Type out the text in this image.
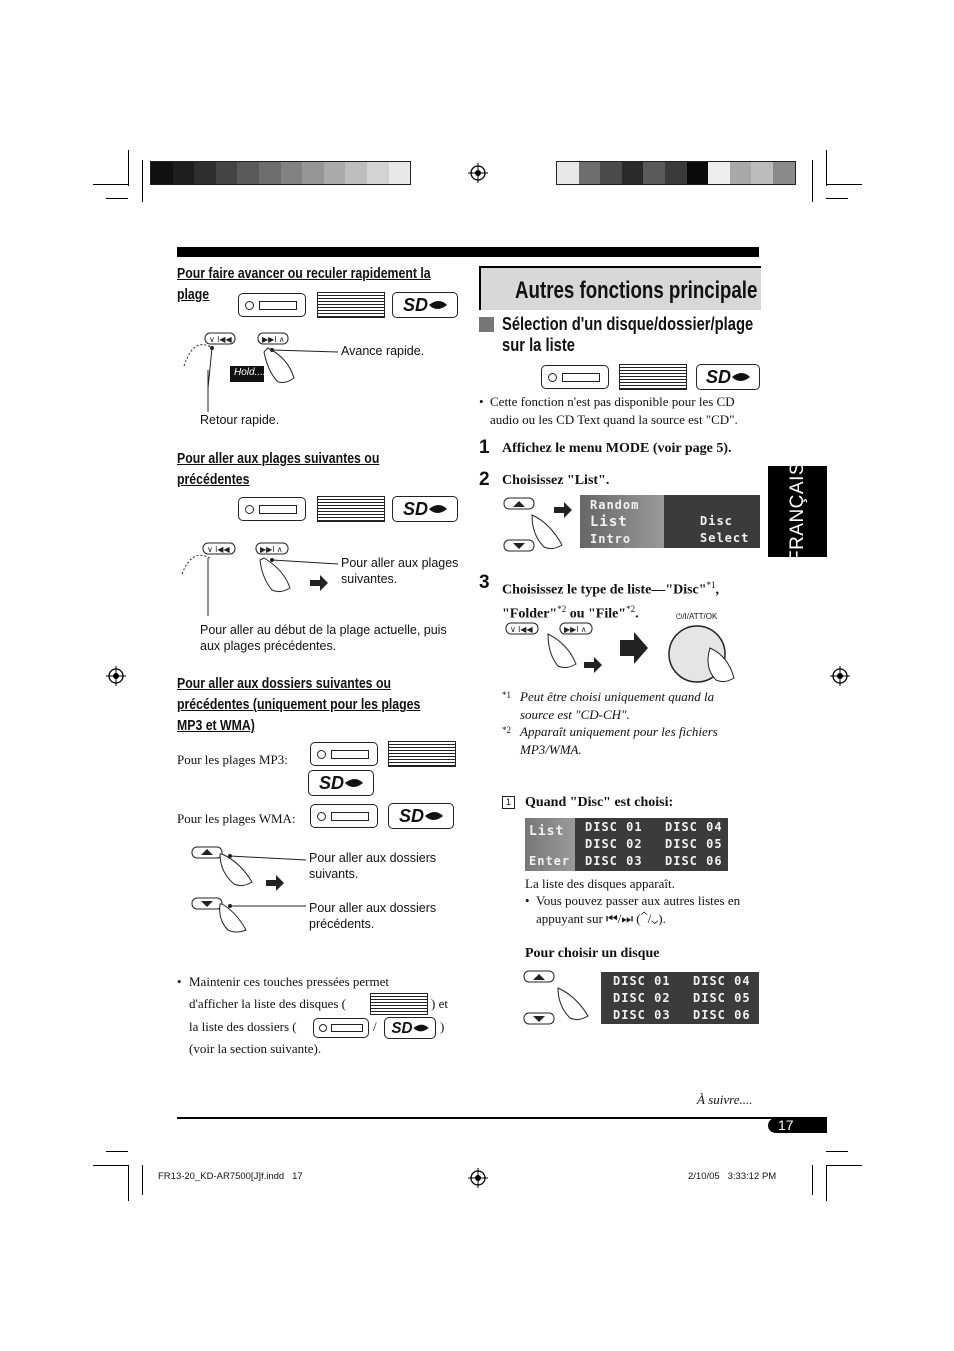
Pour faire avancer ou reculer rapidement la plage
SD
∨ I◀◀	▶▶I ∧
Hold....
Avance rapide.
Retour rapide.
Pour aller aux plages suivantes ou précédentes
SD
∨ I◀◀	▶▶I ∧
Pour aller aux plages suivantes.
Pour aller au début de la plage actuelle, puis aux plages précédentes.
Pour aller aux dossiers suivantes ou précédentes (uniquement pour les plages MP3 et WMA)
Pour les plages MP3:
SD
Pour les plages WMA:	SD
Pour aller aux dossiers suivants.
Pour aller aux dossiers précédents.
• Maintenir ces touches pressées permet
d'afficher la liste des disques (	) et
la liste des dossiers (	/ SD )
(voir la section suivante).
Autres fonctions principale
Sélection d'un disque/dossier/plage sur la liste
SD
• Cette fonction n'est pas disponible pour les CD audio ou les CD Text quand la source est "CD".
1 Affichez le menu MODE (voir page 5).
2 Choisissez "List".
Random
List
Intro
Disc
Select
3 Choisissez le type de liste—"Disc"$^{*1}$, "Folder"$^{*2}$ ou "File"$^{*2}$.
∨ I◀◀	▶▶I ∧
⏻/I/ATT/OK
*1 Peut être choisi uniquement quand la source est "CD-CH".
*2 Apparaît uniquement pour les fichiers MP3/WMA.
1 Quand "Disc" est choisi:
List
Enter
DISC 01 DISC 04
DISC 02 DISC 05
DISC 03 DISC 06
La liste des disques apparaît.
• Vous pouvez passer aux autres listes en appuyant sur ⏮/⏭ (⌃/⌄).
Pour choisir un disque
DISC 01 DISC 04
DISC 02 DISC 05
DISC 03 DISC 06
FRANÇAIS
À suivre....
17
FR13-20_KD-AR7500[J]f.indd   17	2/10/05   3:33:12 PM
